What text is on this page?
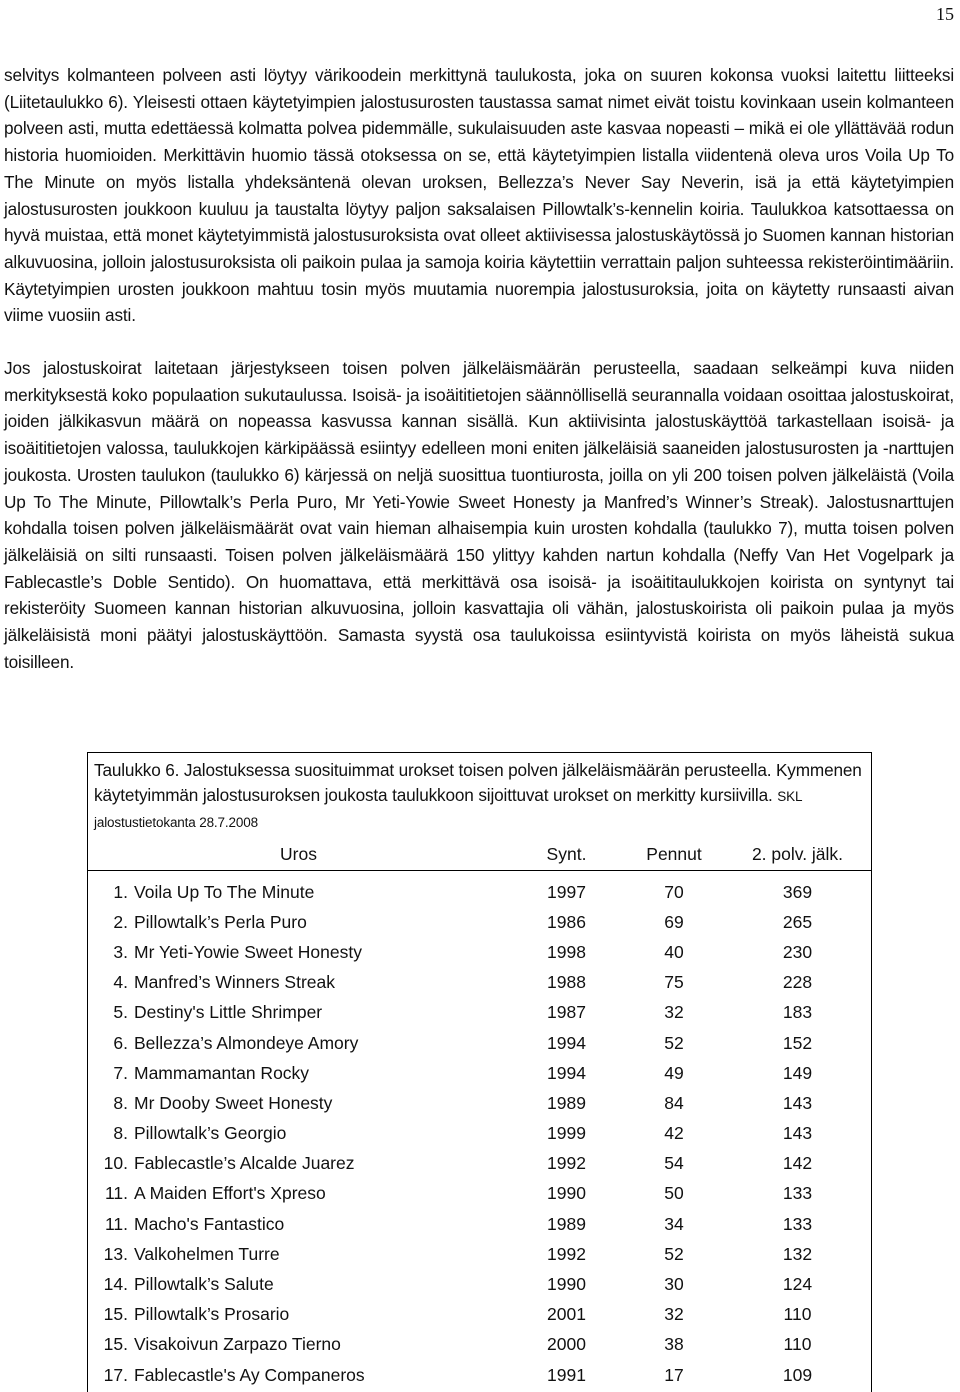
15

selvitys kolmanteen polveen asti löytyy värikoodein merkittynä taulukosta, joka on suuren kokonsa vuoksi laitettu liitteeksi (Liitetaulukko 6). Yleisesti ottaen käytetyimpien jalostusurosten taustassa samat nimet eivät toistu kovinkaan usein kolmanteen polveen asti, mutta edettäessä kolmatta polvea pidemmälle, sukulaisuuden aste kasvaa nopeasti – mikä ei ole yllättävää rodun historia huomioiden. Merkittävin huomio tässä otoksessa on se, että käytetyimpien listalla viidentenä oleva uros Voila Up To The Minute on myös listalla yhdeksäntenä olevan uroksen, Bellezza’s Never Say Neverin, isä ja että käytetyimpien jalostusurosten joukkoon kuuluu ja taustalta löytyy paljon saksalaisen Pillowtalk’s-kennelin koiria. Taulukkoa katsottaessa on hyvä muistaa, että monet käytetyimmistä jalostusuroksista ovat olleet aktiivisessa jalostuskäytössä jo Suomen kannan historian alkuvuosina, jolloin jalostusuroksista oli paikoin pulaa ja samoja koiria käytettiin verrattain paljon suhteessa rekisteröintimääriin. Käytetyimpien urosten joukkoon mahtuu tosin myös muutamia nuorempia jalostusuroksia, joita on käytetty runsaasti aivan viime vuosiin asti.

Jos jalostuskoirat laitetaan järjestykseen toisen polven jälkeläismäärän perusteella, saadaan selkeämpi kuva niiden merkityksestä koko populaation sukutaulussa. Isoisä- ja isoäititietojen säännöllisellä seurannalla voidaan osoittaa jalostuskoirat, joiden jälkikasvun määrä on nopeassa kasvussa kannan sisällä. Kun aktiivisinta jalostuskäyttöä tarkastellaan isoisä- ja isoäititietojen valossa, taulukkojen kärkipäässä esiintyy edelleen moni eniten jälkeläisiä saaneiden jalostusurosten ja -narttujen joukosta. Urosten taulukon (taulukko 6) kärjessä on neljä suosittua tuontiurosta, joilla on yli 200 toisen polven jälkeläistä (Voila Up To The Minute, Pillowtalk’s Perla Puro, Mr Yeti-Yowie Sweet Honesty ja Manfred’s Winner’s Streak). Jalostusnarttujen kohdalla toisen polven jälkeläismäärät ovat vain hieman alhaisempia kuin urosten kohdalla (taulukko 7), mutta toisen polven jälkeläisiä on silti runsaasti. Toisen polven jälkeläismäärä 150 ylittyy kahden nartun kohdalla (Neffy Van Het Vogelpark ja Fablecastle’s Doble Sentido). On huomattava, että merkittävä osa isoisä- ja isoäititaulukkojen koirista on syntynyt tai rekisteröity Suomeen kannan historian alkuvuosina, jolloin kasvattajia oli vähän, jalostuskoirista oli paikoin pulaa ja myös jälkeläisistä moni päätyi jalostuskäyttöön. Samasta syystä osa taulukoissa esiintyvistä koirista on myös läheistä sukua toisilleen.

Taulukko 6. Jalostuksessa suosituimmat urokset toisen polven jälkeläismäärän perusteella. Kymmenen käytetyimmän jalostusuroksen joukosta taulukkoon sijoittuvat urokset on merkitty kursiivilla. SKL jalostustietokanta 28.7.2008

Uros		Synt.	Pennut	2. polv. jälk.
1.	Voila Up To The Minute	1997	70	369
2.	Pillowtalk’s Perla Puro	1986	69	265
3.	Mr Yeti-Yowie Sweet Honesty	1998	40	230
4.	Manfred’s Winners Streak	1988	75	228
5.	Destiny's Little Shrimper	1987	32	183
6.	Bellezza’s Almondeye Amory	1994	52	152
7.	Mammamantan Rocky	1994	49	149
8.	Mr Dooby Sweet Honesty	1989	84	143
8.	Pillowtalk’s Georgio	1999	42	143
10.	Fablecastle’s Alcalde Juarez	1992	54	142
11.	A Maiden Effort's Xpreso	1990	50	133
11.	Macho's Fantastico	1989	34	133
13.	Valkohelmen Turre	1992	52	132
14.	Pillowtalk’s Salute	1990	30	124
15.	Pillowtalk’s Prosario	2001	32	110
15.	Visakoivun Zarpazo Tierno	2000	38	110
17.	Fablecastle's Ay Companeros	1991	17	109
